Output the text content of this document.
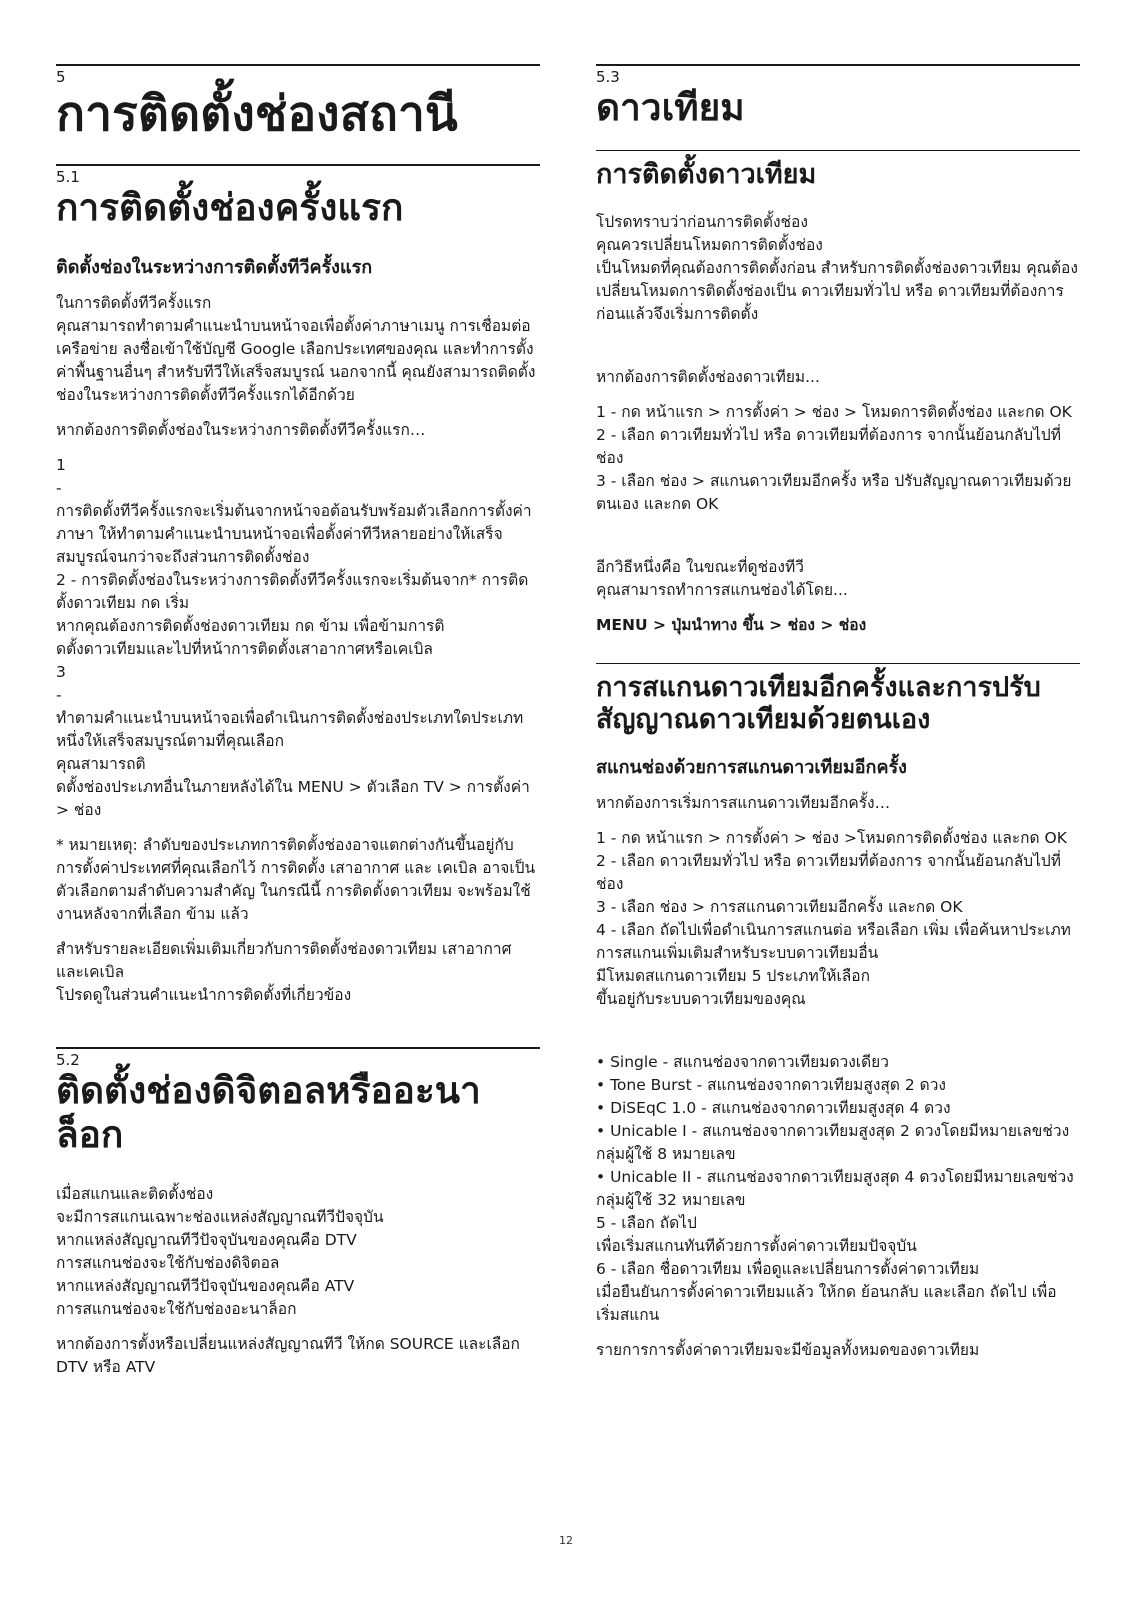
5
การติดตั้งช่องสถานี
5.1
การติดตั้งช่องครั้งแรก
ติดตั้งช่องในระหว่างการติดตั้งทีวีครั้งแรก

ในการติดตั้งทีวีครั้งแรก
คุณสามารถทำตามคำแนะนำบนหน้าจอเพื่อตั้งค่าภาษาเมนู การเชื่อมต่อเครือข่าย ลงชื่อเข้าใช้บัญชี Google เลือกประเทศของคุณ และทำการตั้งค่าพื้นฐานอื่นๆ สำหรับทีวีให้เสร็จสมบูรณ์ นอกจากนี้ คุณยังสามารถติดตั้งช่องในระหว่างการติดตั้งทีวีครั้งแรกได้อีกด้วย

หากต้องการติดตั้งช่องในระหว่างการติดตั้งทีวีครั้งแรก…

1
-
การติดตั้งทีวีครั้งแรกจะเริ่มต้นจากหน้าจอต้อนรับพร้อมตัวเลือกการตั้งค่าภาษา ให้ทำตามคำแนะนำบนหน้าจอเพื่อตั้งค่าทีวีหลายอย่างให้เสร็จสมบูรณ์จนกว่าจะถึงส่วนการติดตั้งช่อง
2 - การติดตั้งช่องในระหว่างการติดตั้งทีวีครั้งแรกจะเริ่มต้นจาก* การติดตั้งดาวเทียม กด เริ่ม
หากคุณต้องการติดตั้งช่องดาวเทียม กด ข้าม เพื่อข้ามการติ
ดตั้งดาวเทียมและไปที่หน้าการติดตั้งเสาอากาศหรือเคเบิล
3
-
ทำตามคำแนะนำบนหน้าจอเพื่อดำเนินการติดตั้งช่องประเภทใดประเภทหนึ่งให้เสร็จสมบูรณ์ตามที่คุณเลือก
คุณสามารถติ
ดตั้งช่องประเภทอื่นในภายหลังได้ใน MENU > ตัวเลือก TV > การตั้งค่า > ช่อง

* หมายเหตุ: ลำดับของประเภทการติดตั้งช่องอาจแตกต่างกันขึ้นอยู่กับการตั้งค่าประเทศที่คุณเลือกไว้ การติดตั้ง เสาอากาศ และ เคเบิล อาจเป็นตัวเลือกตามลำดับความสำคัญ ในกรณีนี้ การติดตั้งดาวเทียม จะพร้อมใช้งานหลังจากที่เลือก ข้าม แล้ว

สำหรับรายละเอียดเพิ่มเติมเกี่ยวกับการติดตั้งช่องดาวเทียม เสาอากาศ และเคเบิล
โปรดดูในส่วนคำแนะนำการติดตั้งที่เกี่ยวข้อง

5.2
ติดตั้งช่องดิจิตอลหรืออะนาล็อก

เมื่อสแกนและติดตั้งช่อง
จะมีการสแกนเฉพาะช่องแหล่งสัญญาณทีวีปัจจุบัน
หากแหล่งสัญญาณทีวีปัจจุบันของคุณคือ DTV
การสแกนช่องจะใช้กับช่องดิจิตอล
หากแหล่งสัญญาณทีวีปัจจุบันของคุณคือ ATV
การสแกนช่องจะใช้กับช่องอะนาล็อก

หากต้องการตั้งหรือเปลี่ยนแหล่งสัญญาณทีวี ให้กด SOURCE และเลือก DTV หรือ ATV

5.3
ดาวเทียม
การติดตั้งดาวเทียม

โปรดทราบว่าก่อนการติดตั้งช่อง
คุณควรเปลี่ยนโหมดการติดตั้งช่อง
เป็นโหมดที่คุณต้องการติดตั้งก่อน สำหรับการติดตั้งช่องดาวเทียม คุณต้องเปลี่ยนโหมดการติดตั้งช่องเป็น ดาวเทียมทั่วไป หรือ ดาวเทียมที่ต้องการก่อนแล้วจึงเริ่มการติดตั้ง

หากต้องการติดตั้งช่องดาวเทียม...

1 - กด หน้าแรก > การตั้งค่า > ช่อง > โหมดการติดตั้งช่อง และกด OK
2 - เลือก ดาวเทียมทั่วไป หรือ ดาวเทียมที่ต้องการ จากนั้นย้อนกลับไปที่ ช่อง
3 - เลือก ช่อง > สแกนดาวเทียมอีกครั้ง หรือ ปรับสัญญาณดาวเทียมด้วยตนเอง และกด OK

อีกวิธีหนึ่งคือ ในขณะที่ดูช่องทีวี
คุณสามารถทำการสแกนช่องได้โดย...

MENU > ปุ่มนำทาง ขึ้น > ช่อง > ช่อง

การสแกนดาวเทียมอีกครั้งและการปรับสัญญาณดาวเทียมด้วยตนเอง
สแกนช่องด้วยการสแกนดาวเทียมอีกครั้ง

หากต้องการเริ่มการสแกนดาวเทียมอีกครั้ง…

1 - กด หน้าแรก > การตั้งค่า > ช่อง >โหมดการติดตั้งช่อง และกด OK
2 - เลือก ดาวเทียมทั่วไป หรือ ดาวเทียมที่ต้องการ จากนั้นย้อนกลับไปที่ ช่อง
3 - เลือก ช่อง > การสแกนดาวเทียมอีกครั้ง และกด OK
4 - เลือก ถัดไปเพื่อดำเนินการสแกนต่อ หรือเลือก เพิ่ม เพื่อค้นหาประเภทการสแกนเพิ่มเติมสำหรับระบบดาวเทียมอื่น
มีโหมดสแกนดาวเทียม 5 ประเภทให้เลือก
ขึ้นอยู่กับระบบดาวเทียมของคุณ

• Single - สแกนช่องจากดาวเทียมดวงเดียว
• Tone Burst - สแกนช่องจากดาวเทียมสูงสุด 2 ดวง
• DiSEqC 1.0 - สแกนช่องจากดาวเทียมสูงสุด 4 ดวง
• Unicable I - สแกนช่องจากดาวเทียมสูงสุด 2 ดวงโดยมีหมายเลขช่วงกลุ่มผู้ใช้ 8 หมายเลข
• Unicable II - สแกนช่องจากดาวเทียมสูงสุด 4 ดวงโดยมีหมายเลขช่วงกลุ่มผู้ใช้ 32 หมายเลข
5 - เลือก ถัดไป
เพื่อเริ่มสแกนทันทีด้วยการตั้งค่าดาวเทียมปัจจุบัน
6 - เลือก ชื่อดาวเทียม เพื่อดูและเปลี่ยนการตั้งค่าดาวเทียม
เมื่อยืนยันการตั้งค่าดาวเทียมแล้ว ให้กด ย้อนกลับ และเลือก ถัดไป เพื่อเริ่มสแกน

รายการการตั้งค่าดาวเทียมจะมีข้อมูลทั้งหมดของดาวเทียม

12
